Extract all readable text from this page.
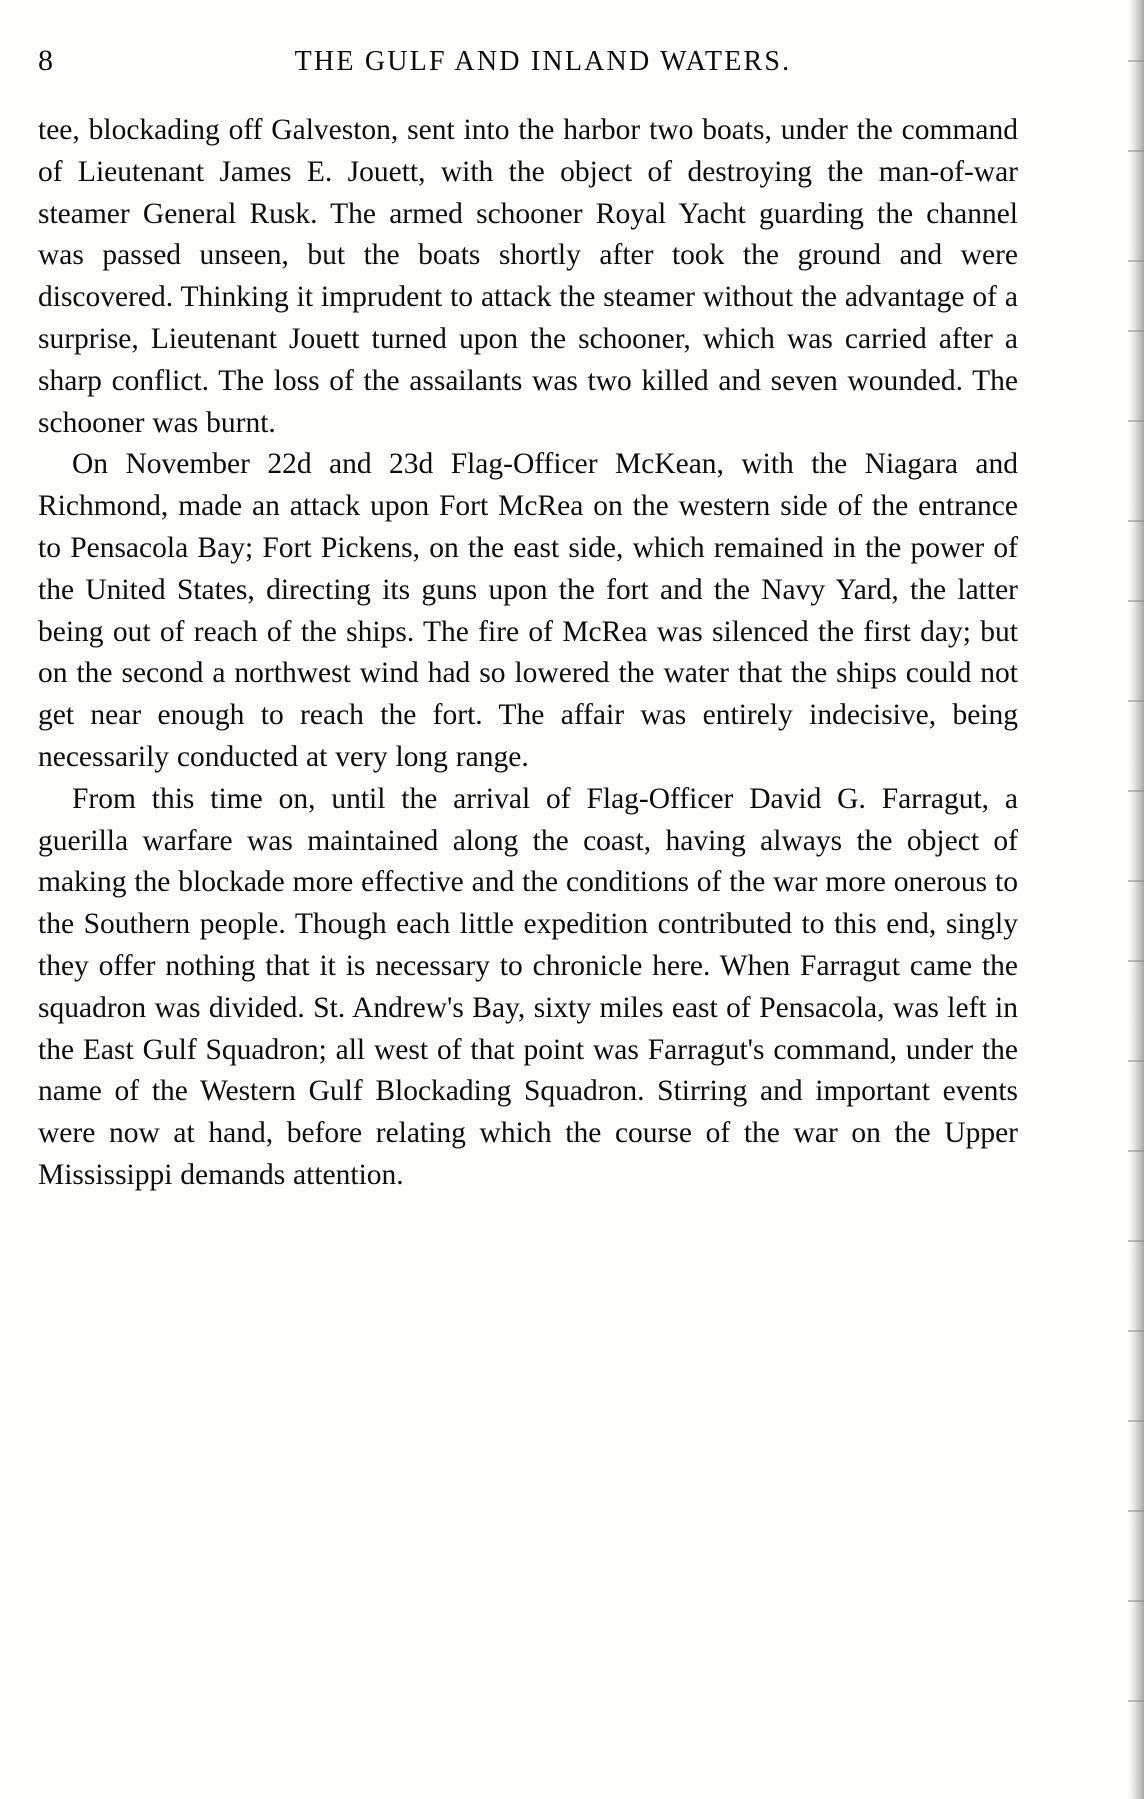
8	THE GULF AND INLAND WATERS.

tee, blockading off Galveston, sent into the harbor two boats, under the command of Lieutenant James E. Jouett, with the object of destroying the man-of-war steamer General Rusk. The armed schooner Royal Yacht guarding the channel was passed unseen, but the boats shortly after took the ground and were discovered. Thinking it imprudent to attack the steamer without the advantage of a surprise, Lieutenant Jouett turned upon the schooner, which was carried after a sharp conflict. The loss of the assailants was two killed and seven wounded. The schooner was burnt.

On November 22d and 23d Flag-Officer McKean, with the Niagara and Richmond, made an attack upon Fort McRea on the western side of the entrance to Pensacola Bay; Fort Pickens, on the east side, which remained in the power of the United States, directing its guns upon the fort and the Navy Yard, the latter being out of reach of the ships. The fire of McRea was silenced the first day; but on the second a northwest wind had so lowered the water that the ships could not get near enough to reach the fort. The affair was entirely indecisive, being necessarily conducted at very long range.

From this time on, until the arrival of Flag-Officer David G. Farragut, a guerilla warfare was maintained along the coast, having always the object of making the blockade more effective and the conditions of the war more onerous to the Southern people. Though each little expedition contributed to this end, singly they offer nothing that it is necessary to chronicle here. When Farragut came the squadron was divided. St. Andrew's Bay, sixty miles east of Pensacola, was left in the East Gulf Squadron; all west of that point was Farragut's command, under the name of the Western Gulf Blockading Squadron. Stirring and important events were now at hand, before relating which the course of the war on the Upper Mississippi demands attention.
